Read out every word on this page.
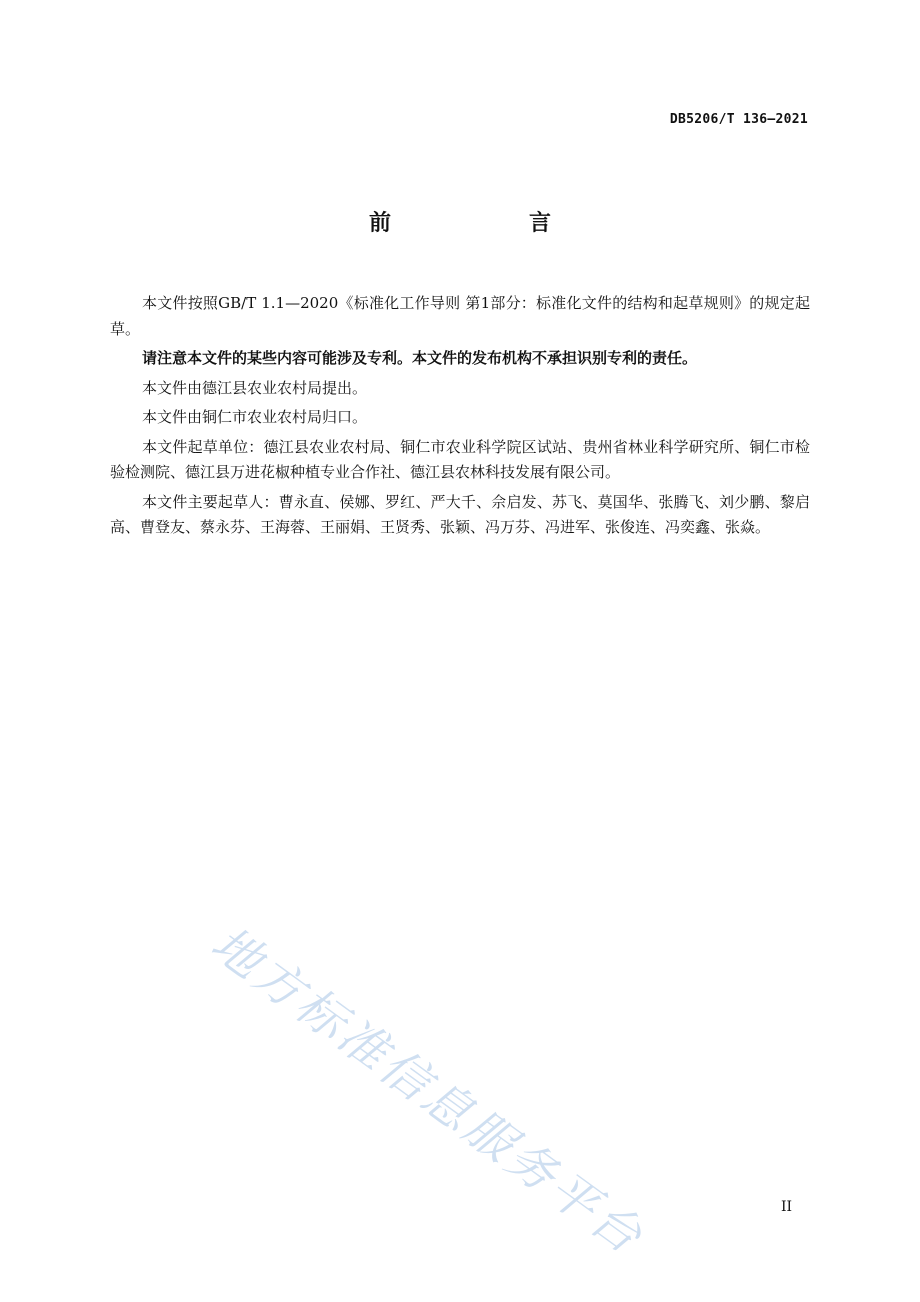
DB5206/T 136—2021
前　言

本文件按照GB/T 1.1—2020《标准化工作导则 第1部分：标准化文件的结构和起草规则》的规定起草。

请注意本文件的某些内容可能涉及专利。本文件的发布机构不承担识别专利的责任。

本文件由德江县农业农村局提出。

本文件由铜仁市农业农村局归口。

本文件起草单位：德江县农业农村局、铜仁市农业科学院区试站、贵州省林业科学研究所、铜仁市检验检测院、德江县万进花椒种植专业合作社、德江县农林科技发展有限公司。

本文件主要起草人：曹永直、侯娜、罗红、严大千、佘启发、苏飞、莫国华、张腾飞、刘少鹏、黎启高、曹登友、蔡永芬、王海蓉、王丽娟、王贤秀、张颖、冯万芬、冯进军、张俊连、冯奕鑫、张焱。

地方标准信息服务平台	II
